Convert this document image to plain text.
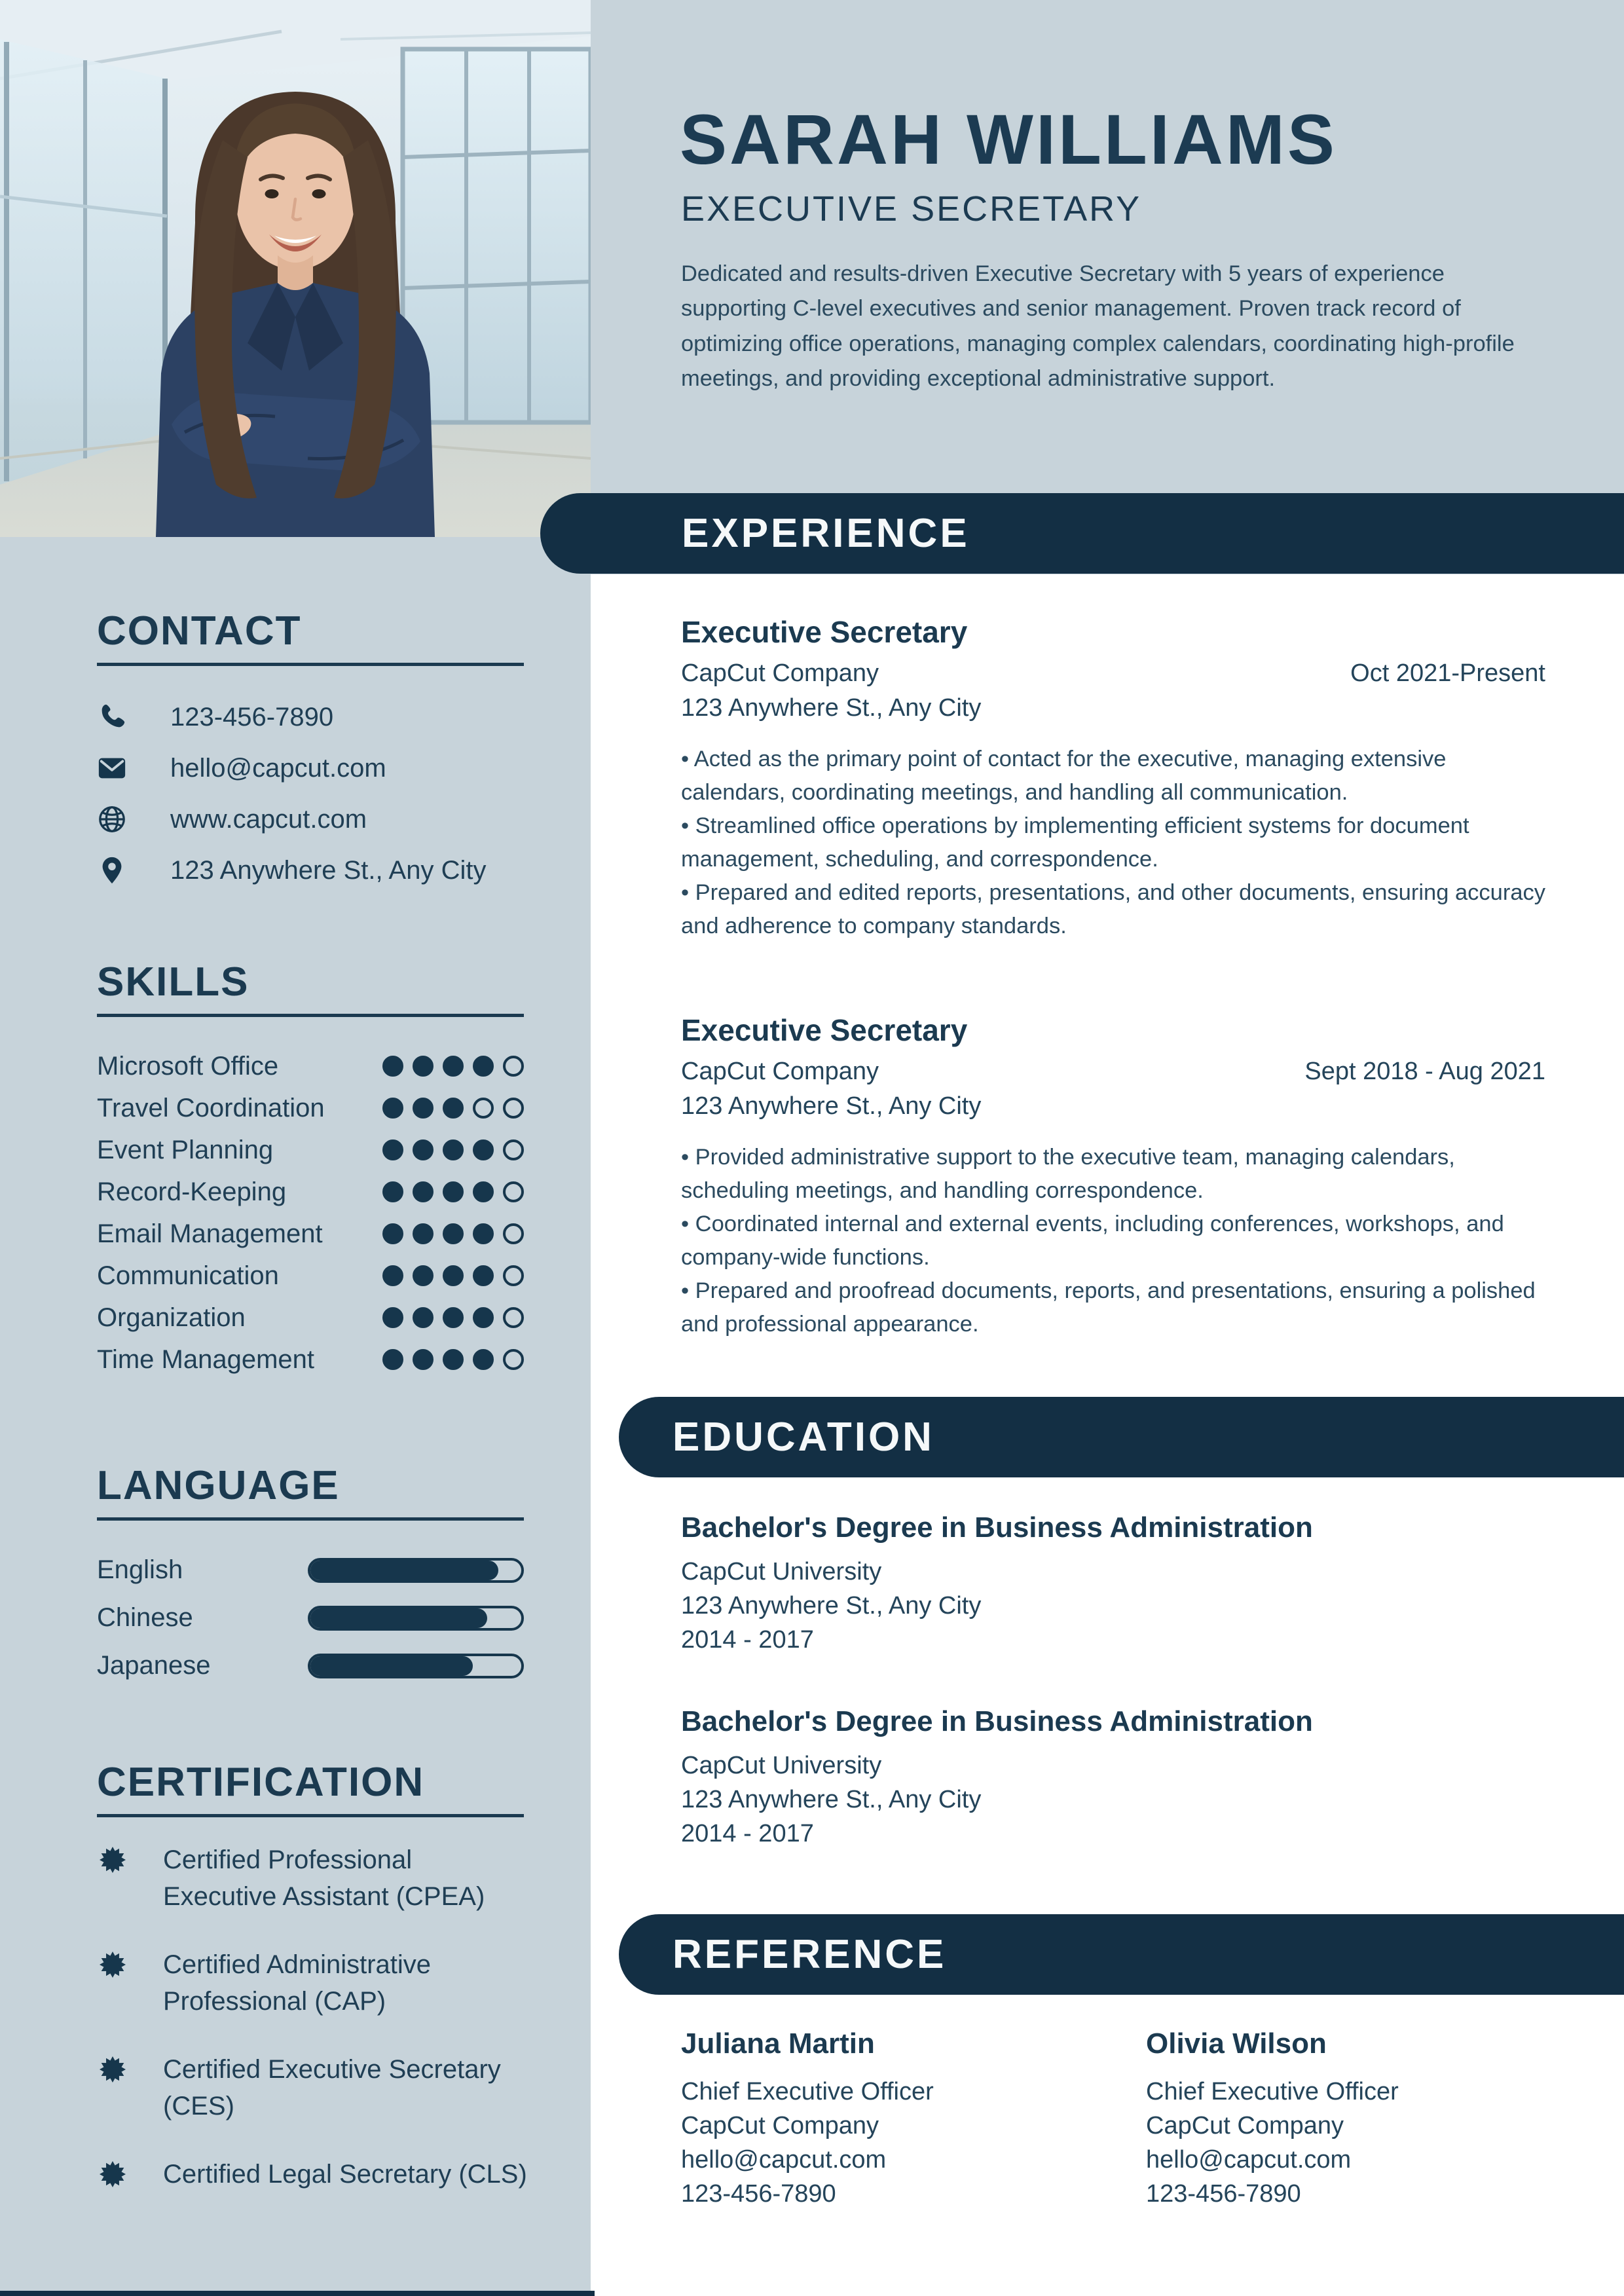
SARAH WILLIAMS
EXECUTIVE SECRETARY

Dedicated and results-driven Executive Secretary with 5 years of experience supporting C-level executives and senior management. Proven track record of optimizing office operations, managing complex calendars, coordinating high-profile meetings, and providing exceptional administrative support.

EXPERIENCE
Executive Secretary
CapCut Company
123 Anywhere St., Any City
Oct 2021-Present
• Acted as the primary point of contact for the executive, managing extensive calendars, coordinating meetings, and handling all communication.
• Streamlined office operations by implementing efficient systems for document management, scheduling, and correspondence.
• Prepared and edited reports, presentations, and other documents, ensuring accuracy and adherence to company standards.
Executive Secretary
CapCut Company
123 Anywhere St., Any City
Sept 2018 - Aug 2021
• Provided administrative support to the executive team, managing calendars, scheduling meetings, and handling correspondence.
• Coordinated internal and external events, including conferences, workshops, and company-wide functions.
• Prepared and proofread documents, reports, and presentations, ensuring a polished and professional appearance.
EDUCATION
Bachelor's Degree in Business Administration
CapCut University
123 Anywhere St., Any City
2014 - 2017
Bachelor's Degree in Business Administration
CapCut University
123 Anywhere St., Any City
2014 - 2017
REFERENCE
Juliana Martin
Chief Executive Officer
CapCut Company
hello@capcut.com
123-456-7890
Olivia Wilson
Chief Executive Officer
CapCut Company
hello@capcut.com
123-456-7890
CONTACT
123-456-7890
hello@capcut.com
www.capcut.com
123 Anywhere St., Any City
SKILLS
Microsoft Office
Travel Coordination
Event Planning
Record-Keeping
Email Management
Communication
Organization
Time Management
LANGUAGE
English
Chinese
Japanese
CERTIFICATION
Certified Professional Executive Assistant (CPEA)
Certified Administrative Professional (CAP)
Certified Executive Secretary (CES)
Certified Legal Secretary (CLS)
